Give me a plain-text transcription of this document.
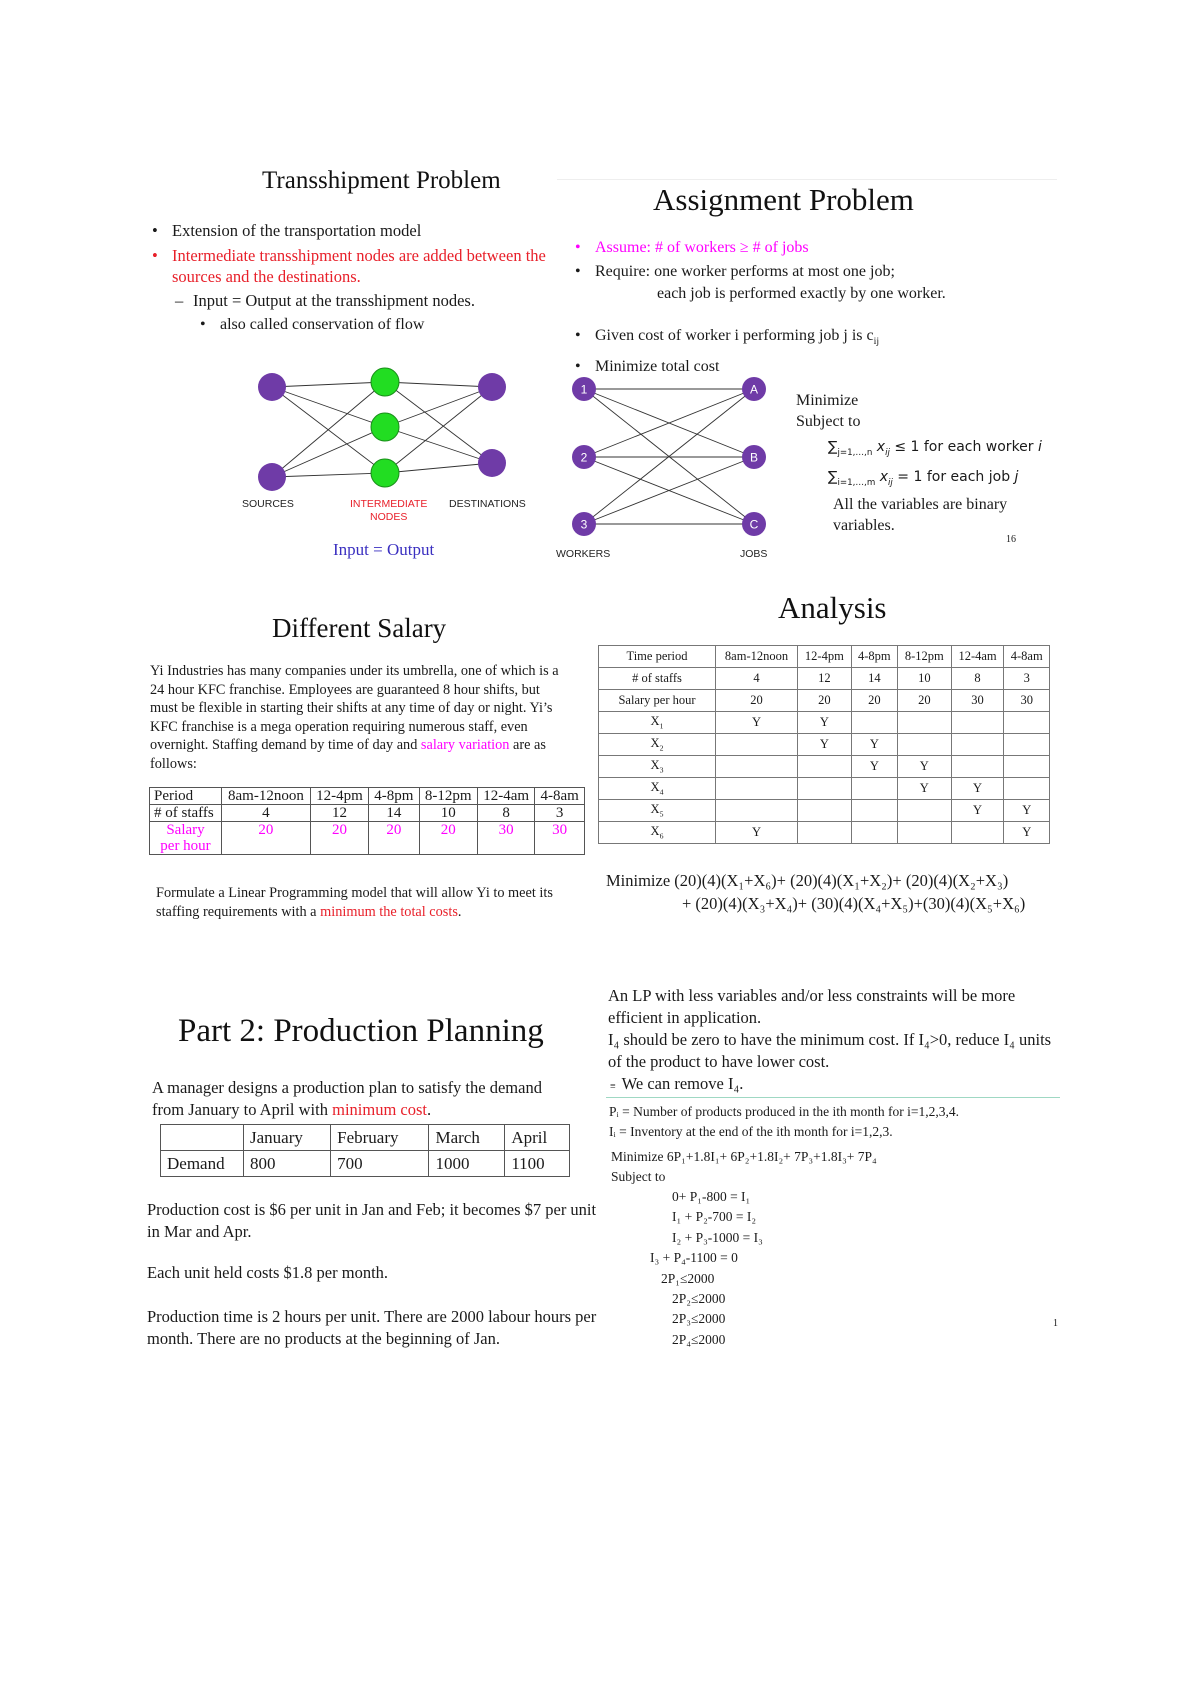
Transshipment Problem
• Extension of the transportation model
• Intermediate transshipment nodes are added between the sources and the destinations.
– Input = Output at the transshipment nodes.
• also called conservation of flow
SOURCES	INTERMEDIATE
NODES
DESTINATIONS
Input = Output
Assignment Problem
• Assume: # of workers ≥ # of jobs
• Require: one worker performs at most one job;
each job is performed exactly by one worker.
• Given cost of worker i performing job j is $c_{ij}$
• Minimize total cost
1
2
3
A
B
C
WORKERS	JOBS
Minimize
Subject to
$\sum_{j=1,\dots,n}$ $x_{ij} \le 1$ for each worker i
$\sum_{i=1,\dots,m}$ $x_{ij} = 1$ for each job j
All the variables are binary
variables.
16
Different Salary
Yi Industries has many companies under its umbrella, one of which is a 24 hour KFC franchise. Employees are guaranteed 8 hour shifts, but must be flexible in starting their shifts at any time of day or night. Yi’s KFC franchise is a mega operation requiring numerous staff, even overnight. Staffing demand by time of day and salary variation are as follows:
Period	8am-12noon	12-4pm	4-8pm	8-12pm	12-4am	4-8am
# of staffs	4	12	14	10	8	3
Salary
per hour	20	20	20	20	30	30
Formulate a Linear Programming model that will allow Yi to meet its staffing requirements with a minimum the total costs.
Analysis
Time period	8am-12noon	12-4pm	4-8pm	8-12pm	12-4am	4-8am
# of staffs	4	12	14	10	8	3
Salary per hour	20	20	20	20	30	30
$X_1$	Y	Y				
$X_2$		Y	Y			
$X_3$			Y	Y		
$X_4$				Y	Y	
$X_5$					Y	Y
$X_6$	Y					Y
Minimize (20)(4)(X₁+X₆)+ (20)(4)(X₁+X₂)+ (20)(4)(X₂+X₃)
+ (20)(4)(X₃+X₄)+ (30)(4)(X₄+X₅)+(30)(4)(X₅+X₆)
Part 2: Production Planning
A manager designs a production plan to satisfy the demand from January to April with minimum cost.
	January	February	March	April
Demand	800	700	1000	1100
Production cost is $6 per unit in Jan and Feb; it becomes $7 per unit in Mar and Apr.
Each unit held costs $1.8 per month.
Production time is 2 hours per unit. There are 2000 labour hours per month. There are no products at the beginning of Jan.
An LP with less variables and/or less constraints will be more efficient in application.
I₄ should be zero to have the minimum cost. If I₄>0, reduce I₄ units of the product to have lower cost.
≡ We can remove I₄.
Pᵢ = Number of products produced in the ith month for i=1,2,3,4.
Iᵢ = Inventory at the end of the ith month for i=1,2,3.
Minimize 6P₁+1.8I₁+ 6P₂+1.8I₂+ 7P₃+1.8I₃+ 7P₄
Subject to
0+ P₁-800 = I₁
I₁ + P₂-700 = I₂
I₂ + P₃-1000 = I₃
I₃ + P₄-1100 = 0
2P₁≤2000
2P₂≤2000
2P₃≤2000
2P₄≤2000
1
